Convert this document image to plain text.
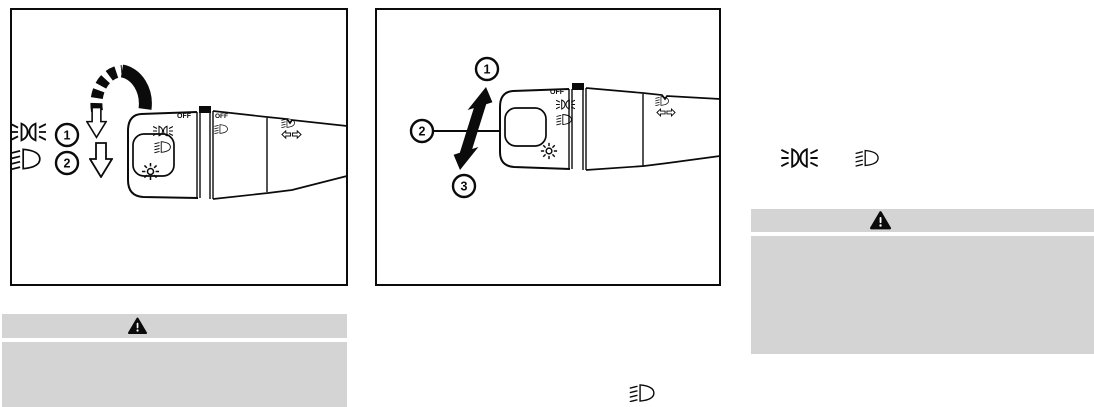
1
2
OFF	OFF
1
2
3
OFF
